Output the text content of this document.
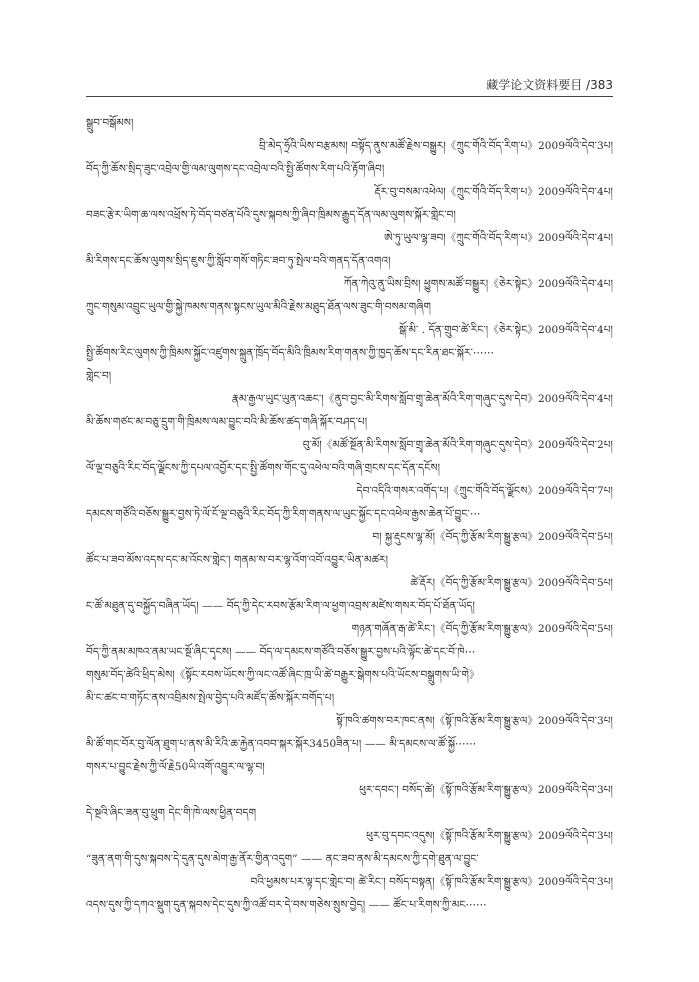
藏学论文资料要目 /383
སྒྲུབ་བསྒོམས།
བྲི་མེད་ཧྲོའི་ཡིས་བརྩམས། བསྟོད་ནུས་མཚོ་རྗེས་བསྒྱུར།《ཀྲུང་གོའི་བོད་རིག་པ》2009ལོའི་དེབ་3པ།
བོད་ཀྱི་ཆོས་སྲིད་ཟུང་འབྲེལ་གྱི་ལམ་ལུགས་དང་འབྲེལ་བའི་སྤྱི་ཚོགས་རིག་པའི་རྟོག་ཞིབ།
རྡོར་བུ་བསམ་འཕེལ།《ཀྲུང་གོའི་བོད་རིག་པ》2009ལོའི་དེབ་4པ།
བཟང་རྩེར་ཡིག་ཆ་ལས་འཕྲོས་ཏེ་བོད་བཙན་པོའི་དུས་སྐབས་ཀྱི་ཞིབ་ཁྲིམས་རྒྱུད་དོན་ལམ་ལུགས་སྐོར་གླེང་བ།
ཨེ་ཏུ་ཡུལ་ལྷ་ཟབ།《ཀྲུང་གོའི་བོད་རིག་པ》2009ལོའི་དེབ་4པ།
མི་རིགས་དང་ཆོས་ལུགས་སྲིད་ཇུས་ཀྱི་སློབ་གསོ་གཏིང་ཟབ་ཏུ་སྤེལ་བའི་གནད་དོན་འགའ།
ཀོན་ཀེའུ་ནུ་ཡིས་བྲིས། ཕྱུགས་མཚོ་བསྒྱུར།《ཅེར་སྟེང》2009ལོའི་དེབ་4པ།
ཀྲུང་གསུམ་འབྲུང་ཡུལ་གྱི་སྐྱེ་ཁམས་གནས་སྟངས་ཡུལ་མིའི་རྗེས་མཐུད་ཐོན་ལས་ཟུང་གི་བསམ་གཞིག
སྒོ་མི་ . དོན་གྲུབ་ཚེ་རིང་།《ཅེར་སྟེང》2009ལོའི་དེབ་4པ།
སྤྱི་ཚོགས་རིང་ལུགས་ཀྱི་ཁྲིམས་སྐྱོང་འཛུགས་སྐྲུན་ཁྲོད་བོད་མིའི་ཁྲིམས་རིག་གནས་ཀྱི་ཁྱད་ཆོས་དང་རིན་ཐང་སྐོར་⋯⋯
གླེང་བ།
རྣམ་རྒྱལ་ཡུང་ཡུན་འཆང་།《ནུབ་བྱང་མི་རིགས་སློབ་གྲྭ་ཆེན་མོའི་རིག་གཞུང་དུས་དེབ》2009ལོའི་དེབ་4པ།
མི་ཆོས་གཙང་མ་བཅུ་དྲུག་གི་ཁྲིམས་ལམ་བྱུང་བའི་མི་ཆོས་ཚད་གཞི་སྐོར་བཤད་པ།
བུ་མོ།《མཚོ་སྔོན་མི་རིགས་སློབ་གྲྭ་ཆེན་མོའི་རིག་གཞུང་དུས་དེབ》2009ལོའི་དེབ་2པ།
ལོ་ལྔ་བཅུའི་རིང་བོད་ལྗོངས་ཀྱི་དཔལ་འབྱོར་དང་སྤྱི་ཚོགས་གོང་དུ་འཕེལ་བའི་གཞི་གྲངས་དང་དོན་དངོས།
དེབ་འདིའི་གསར་འགོད་པ།《ཀྲུང་གོའི་བོད་ལྗོངས》2009ལོའི་དེབ་7པ།
དམངས་གཙོའི་བཅོས་སྒྱུར་བྱས་ཏེ་ལོ་ངོ་ལྔ་བཅུའི་རིང་བོད་ཀྱི་རིག་གནས་ལ་ཡུང་སྐྱོང་དང་འཕེལ་རྒྱས་ཆེན་པོ་བྱུང་⋯
བ། སྐྱ་རྡུངས་ལྷ་མོ།《བོད་ཀྱི་རྩོམ་རིག་སྒྱུ་རྩལ》2009ལོའི་དེབ་5པ།
ཚོང་པ་ཟབ་མོས་འདས་དང་མ་འོངས་གླེང་། གནམ་ས་བར་ལྷ་འོག་འབོ་འབྱུར་ཡིན་མཚར།
ཚེ་རྡོར།《བོད་ཀྱི་རྩོམ་རིག་སྒྱུ་རྩལ》2009ལོའི་དེབ་5པ།
ང་ཚོ་མཐུན་དུ་བསྐྱོད་བཞིན་ཡོད། —— བོད་ཀྱི་དེང་རབས་རྩོམ་རིག་ལ་ཕྱག་འབྲས་མཛེས་གསར་བོད་པོ་ཐོན་ཡོད།
གཉན་གཞོན་རྒ་ཚེ་རིང་།《བོད་ཀྱི་རྩོམ་རིག་སྒྱུ་རྩལ》2009ལོའི་དེབ་5པ།
བོད་ཀྱི་ནམ་མཁའ་ནམ་ཡང་སྔོ་ཞིང་དྭངས། —— བོད་ལ་དམངས་གཙོའི་བཅོས་སྒྱུར་བྱས་པའི་ལྟོང་ཚེ་དང་བོ་ཁེ⋯
གསུམ་བོད་ཚེའི་ཕྲིད་མེས།《སྟོང་རབས་ཡོངས་ཀྱི་ལང་འཚོ་ཞིང་ཁྲ་ཡི་ཚེ་བརྒྱུར་སྒེགས་པའི་ཡོངས་བསྒྲུགས་ཡི་གེ》
མི་ང་ཚང་བ་གཏོང་ནས་འབྲིམས་སྤེལ་བྱེད་པའི་མཛོད་ཚོས་སྐོར་བགོད་པ།
སྟོ་ཁའི་ཚགས་བར་ཁང་ནས།《སྟོ་ཁའི་རྩོམ་རིག་སྒྱུ་རྩལ》2009ལོའི་དེབ་3པ།
མི་ཚོ་གང་བོར་བུ་ལོན་ཐུག་པ་ནས་མི་རིའི་ཆ་རྐྱེན་འབབ་སྐར་སྐོར3450ཟིན་པ། —— མི་དམངས་ལ་ཚོ་སྐྱོ⋯⋯
གསར་པ་བྱུང་རྗེས་ཀྱི་ལོ་རྗེ50ཡི་འགོ་འབྱུར་ལ་ལྷ་བ།
ཕུར་དབང་། བསོད་ཚེ།《སྟོ་ཁའི་རྩོམ་རིག་སྒྱུ་རྩལ》2009ལོའི་དེབ་3པ།
དེ་སྔའི་ཞིང་ཟན་བུ་ཕྲུག དེང་གི་ཁེ་ལས་ཕྱིན་བདག
ཕུར་བུ་དབང་འདུས།《སྟོ་ཁའི་རྩོམ་རིག་སྒྱུ་རྩལ》2009ལོའི་དེབ་3པ།
“ཟུན་ནག་གི་དུས་སྐབས་དེ་དུན་དུས་མེག་རྒྱ་ནོར་གྱིན་འདུག” —— ནང་ཟབ་ནས་མི་དམངས་ཀྱི་དགེ་ཐུན་ལ་བྱུང་
བའི་ཕྱམས་པར་ལྟ་དང་གླེང་བ། ཚེ་རིང་། བསོད་བསྟན།《སྟོ་ཁའི་རྩོམ་རིག་སྒྱུ་རྩལ》2009ལོའི་དེབ་3པ།
འདས་དུས་ཀྱི་དཀའ་སྡུག་དུན་སྐབས་དེང་དུས་ཀྱི་འཚོ་བར་དེ་བས་གཅེས་སྲུས་བྱེད། —— ཚོང་པ་རིགས་ཀྱི་མང⋯⋯
